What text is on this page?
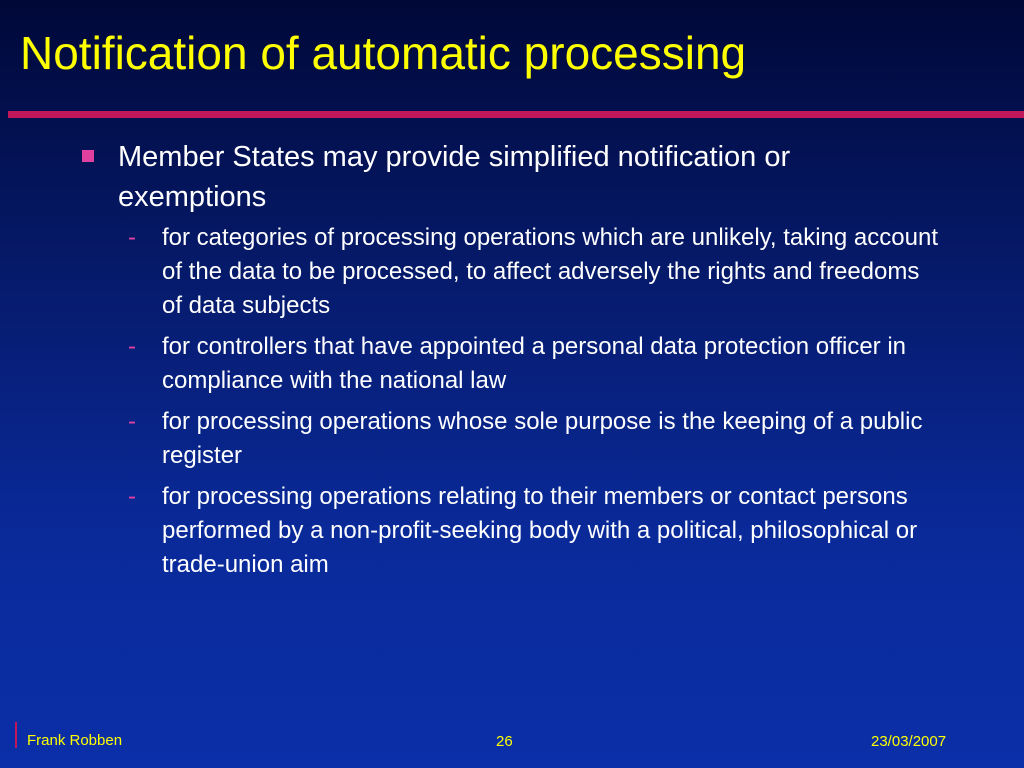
Notification of automatic processing
Member States may provide simplified notification or exemptions
- for categories of processing operations which are unlikely, taking account of the data to be processed, to affect adversely the rights and freedoms of data subjects
- for controllers that have appointed a personal data protection officer in compliance with the national law
- for processing operations whose sole purpose is the keeping of a public register
- for processing operations relating to their members or contact persons performed by a non-profit-seeking body with a political, philosophical or trade-union aim
Frank Robben	26	23/03/2007
